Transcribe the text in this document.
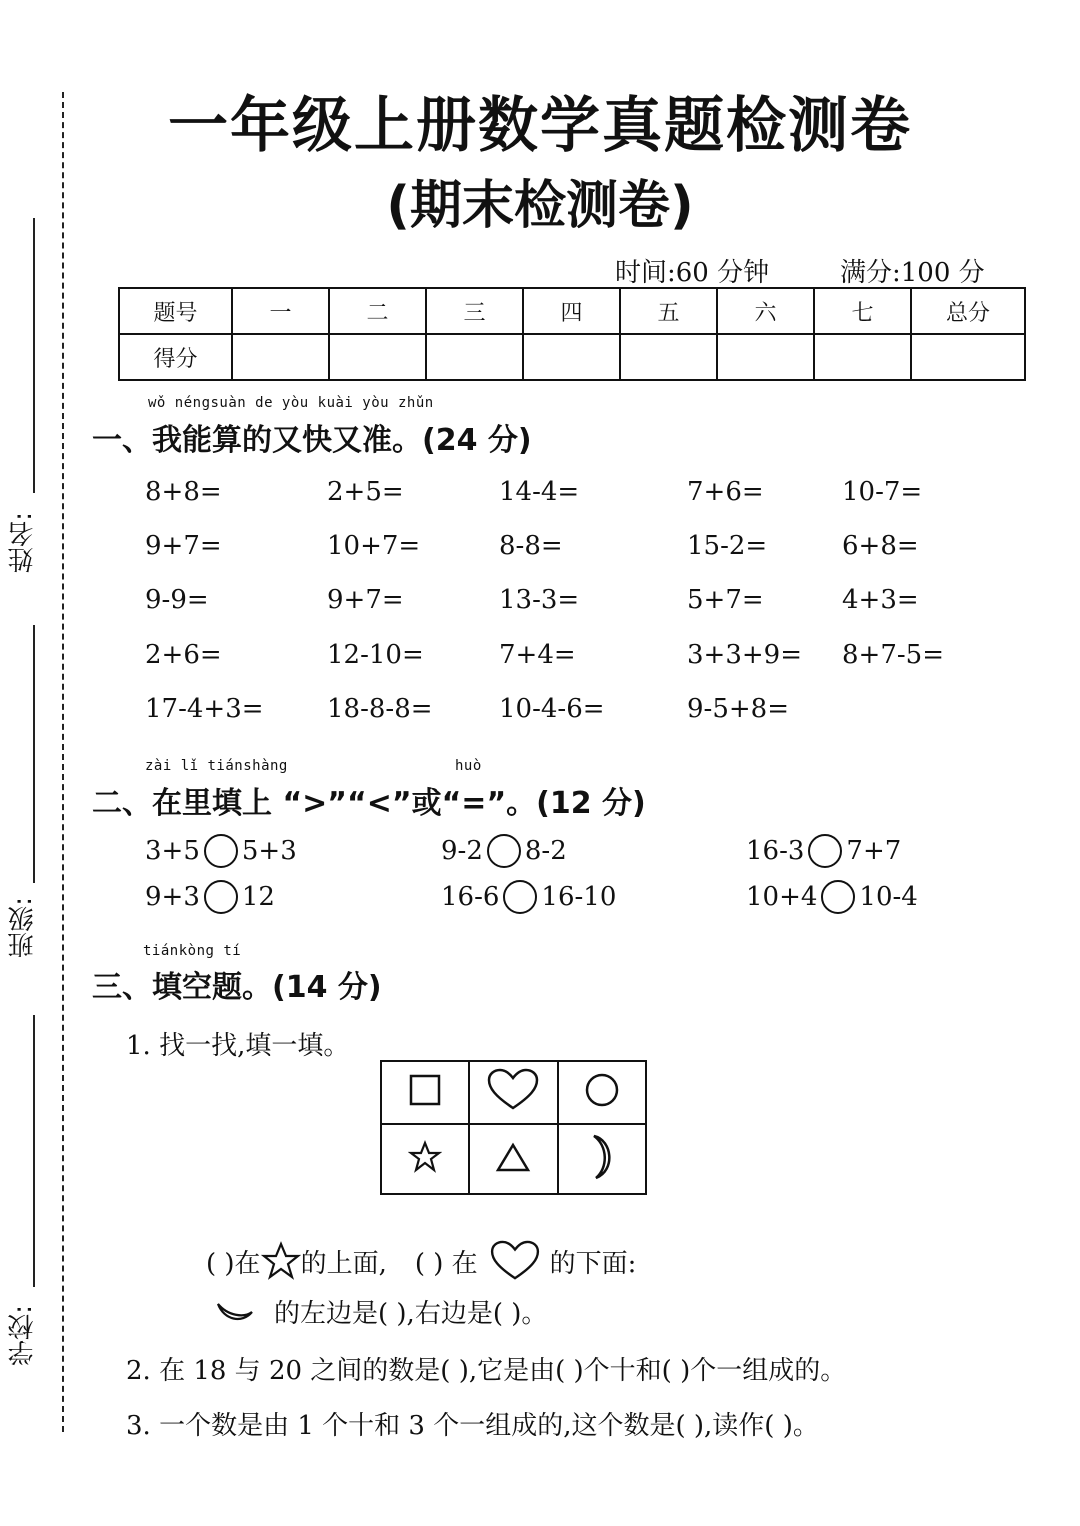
姓名:
班级:
学校:
一年级上册数学真题检测卷
(期末检测卷)
时间:60 分钟	满分:100 分
题号	一	二	三	四	五	六	七	总分
得分								
wǒ néngsuàn de yòu kuài yòu zhǔn
一、我能算的又快又准。(24 分)
8+8=	2+5=	14-4=	7+6=	10-7=
9+7=	10+7=	8-8=	15-2=	6+8=
9-9=	9+7=	13-3=	5+7=	4+3=
2+6=	12-10=	7+4=	3+3+9= 8+7-5=
17-4+3= 18-8-8=	10-4-6=	9-5+8=
zài lǐ tiánshàng	huò
二、在里填上 “>”“<”或“=”。(12 分)
3+5 5+3	9-2 8-2	16-3 7+7
9+3 12	16-6 16-10	10+4 10-4
tiánkòng tí
三、填空题。(14 分)
1. 找一找,填一填。

( )在 的上面, ( ) 在	的下面:
的左边是( ),右边是( )。
2. 在 18 与 20 之间的数是( ),它是由( )个十和( )个一组成的。
3. 一个数是由 1 个十和 3 个一组成的,这个数是( ),读作( )。
